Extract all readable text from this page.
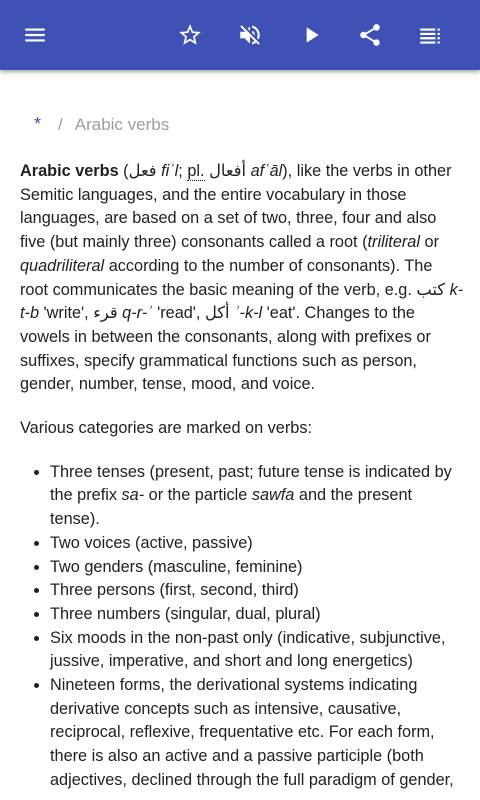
* / Arabic verbs

Arabic verbs (فعل fiʿl; pl. أفعال afʿāl), like the verbs in other Semitic languages, and the entire vocabulary in those languages, are based on a set of two, three, four and also five (but mainly three) consonants called a root (triliteral or quadriliteral according to the number of consonants). The root communicates the basic meaning of the verb, e.g. كتب k-t-b 'write', قرء q-r-ʾ 'read', أكل ʾ-k-l 'eat'. Changes to the vowels in between the consonants, along with prefixes or suffixes, specify grammatical functions such as person, gender, number, tense, mood, and voice.

Various categories are marked on verbs:

• Three tenses (present, past; future tense is indicated by the prefix sa- or the particle sawfa and the present tense).
• Two voices (active, passive)
• Two genders (masculine, feminine)
• Three persons (first, second, third)
• Three numbers (singular, dual, plural)
• Six moods in the non-past only (indicative, subjunctive, jussive, imperative, and short and long energetics)
• Nineteen forms, the derivational systems indicating derivative concepts such as intensive, causative, reciprocal, reflexive, frequentative etc. For each form, there is also an active and a passive participle (both adjectives, declined through the full paradigm of gender,
